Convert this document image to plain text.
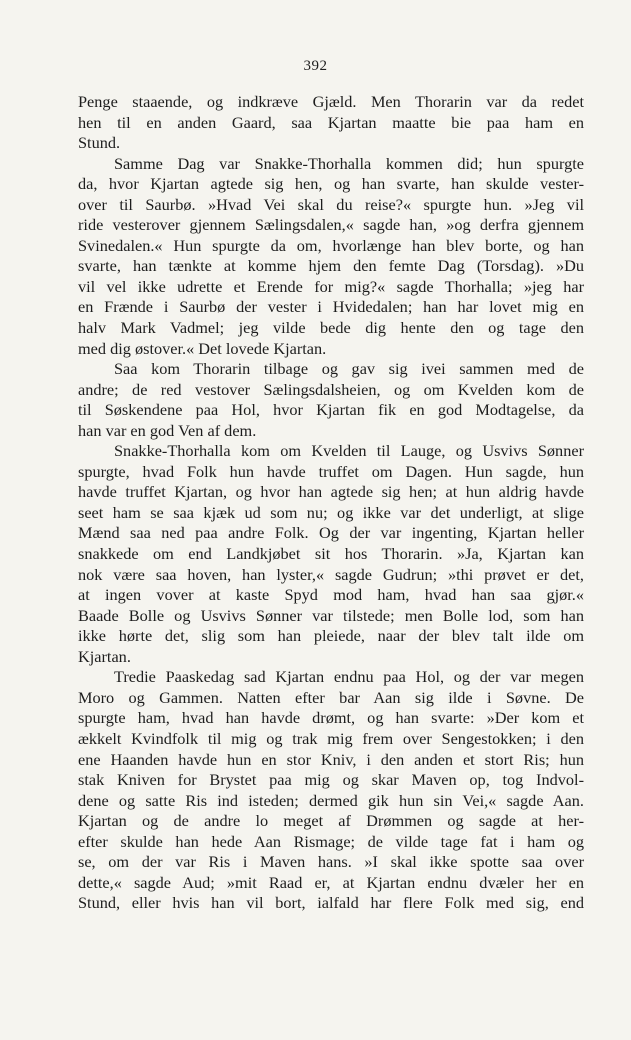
392
Penge staaende, og indkræve Gjæld. Men Thorarin var da redet
hen til en anden Gaard, saa Kjartan maatte bie paa ham en
Stund.
Samme Dag var Snakke-Thorhalla kommen did; hun spurgte
da, hvor Kjartan agtede sig hen, og han svarte, han skulde vester-
over til Saurbø. »Hvad Vei skal du reise?« spurgte hun. »Jeg vil
ride vesterover gjennem Sælingsdalen,« sagde han, »og derfra gjennem
Svinedalen.« Hun spurgte da om, hvorlænge han blev borte, og han
svarte, han tænkte at komme hjem den femte Dag (Torsdag). »Du
vil vel ikke udrette et Erende for mig?« sagde Thorhalla; »jeg har
en Frænde i Saurbø der vester i Hvidedalen; han har lovet mig en
halv Mark Vadmel; jeg vilde bede dig hente den og tage den
med dig østover.« Det lovede Kjartan.
Saa kom Thorarin tilbage og gav sig ivei sammen med de
andre; de red vestover Sælingsdalsheien, og om Kvelden kom de
til Søskendene paa Hol, hvor Kjartan fik en god Modtagelse, da
han var en god Ven af dem.
Snakke-Thorhalla kom om Kvelden til Lauge, og Usvivs Sønner
spurgte, hvad Folk hun havde truffet om Dagen. Hun sagde, hun
havde truffet Kjartan, og hvor han agtede sig hen; at hun aldrig havde
seet ham se saa kjæk ud som nu; og ikke var det underligt, at slige
Mænd saa ned paa andre Folk. Og der var ingenting, Kjartan heller
snakkede om end Landkjøbet sit hos Thorarin. »Ja, Kjartan kan
nok være saa hoven, han lyster,« sagde Gudrun; »thi prøvet er det,
at ingen vover at kaste Spyd mod ham, hvad han saa gjør.«
Baade Bolle og Usvivs Sønner var tilstede; men Bolle lod, som han
ikke hørte det, slig som han pleiede, naar der blev talt ilde om
Kjartan.
Tredie Paaskedag sad Kjartan endnu paa Hol, og der var megen
Moro og Gammen. Natten efter bar Aan sig ilde i Søvne. De
spurgte ham, hvad han havde drømt, og han svarte: »Der kom et
ækkelt Kvindfolk til mig og trak mig frem over Sengestokken; i den
ene Haanden havde hun en stor Kniv, i den anden et stort Ris; hun
stak Kniven for Brystet paa mig og skar Maven op, tog Indvol-
dene og satte Ris ind isteden; dermed gik hun sin Vei,« sagde Aan.
Kjartan og de andre lo meget af Drømmen og sagde at her-
efter skulde han hede Aan Rismage; de vilde tage fat i ham og
se, om der var Ris i Maven hans. »I skal ikke spotte saa over
dette,« sagde Aud; »mit Raad er, at Kjartan endnu dvæler her en
Stund, eller hvis han vil bort, ialfald har flere Folk med sig, end
